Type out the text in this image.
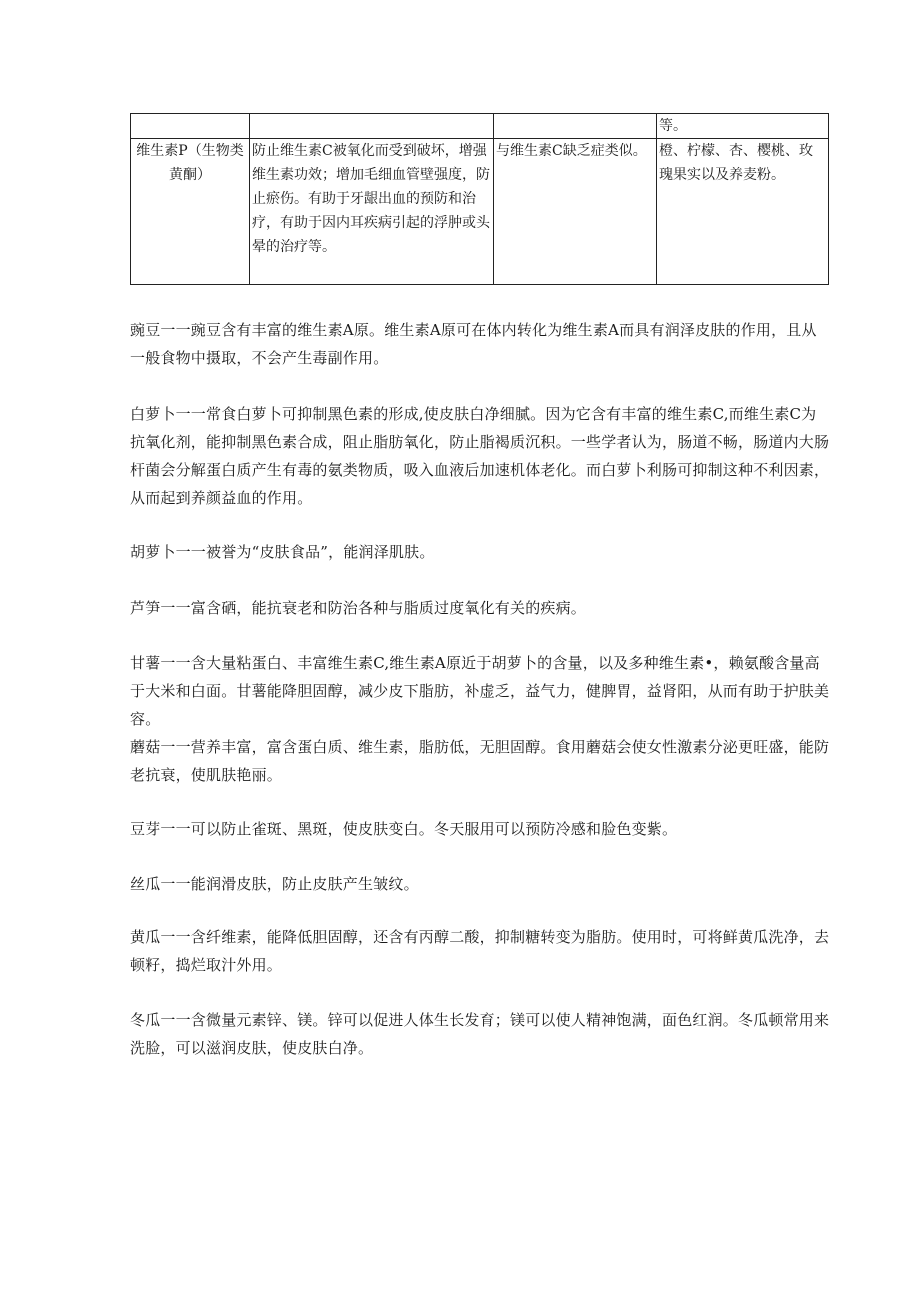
			等。
维生素P（生物类黄酮）	防止维生素C被氧化而受到破坏，增强维生素功效；增加毛细血管壁强度，防止瘀伤。有助于牙龈出血的预防和治疗，有助于因内耳疾病引起的浮肿或头晕的治疗等。	与维生素C缺乏症类似。	橙、柠檬、杏、樱桃、玫瑰果实以及养麦粉。

豌豆一一豌豆含有丰富的维生素A原。维生素A原可在体内转化为维生素A而具有润泽皮肤的作用，且从一般食物中摄取，不会产生毒副作用。

白萝卜一一常食白萝卜可抑制黑色素的形成,使皮肤白净细腻。因为它含有丰富的维生素C,而维生素C为抗氧化剂，能抑制黑色素合成，阻止脂肪氧化，防止脂褐质沉积。一些学者认为，肠道不畅，肠道内大肠杆菌会分解蛋白质产生有毒的氨类物质，吸入血液后加速机体老化。而白萝卜利肠可抑制这种不利因素，从而起到养颜益血的作用。

胡萝卜一一被誉为“皮肤食品”，能润泽肌肤。

芦笋一一富含硒，能抗衰老和防治各种与脂质过度氧化有关的疾病。

甘薯一一含大量粘蛋白、丰富维生素C,维生素A原近于胡萝卜的含量，以及多种维生素•，赖氨酸含量高于大米和白面。甘薯能降胆固醇，减少皮下脂肪，补虚乏，益气力，健脾胃，益肾阳，从而有助于护肤美容。

蘑菇一一营养丰富，富含蛋白质、维生素，脂肪低，无胆固醇。食用蘑菇会使女性激素分泌更旺盛，能防老抗衰，使肌肤艳丽。

豆芽一一可以防止雀斑、黑斑，使皮肤变白。冬天服用可以预防冷感和脸色变紫。

丝瓜一一能润滑皮肤，防止皮肤产生皱纹。

黄瓜一一含纤维素，能降低胆固醇，还含有丙醇二酸，抑制糖转变为脂肪。使用时，可将鲜黄瓜洗净，去顿籽，捣烂取汁外用。

冬瓜一一含微量元素锌、镁。锌可以促进人体生长发育；镁可以使人精神饱满，面色红润。冬瓜顿常用来洗脸，可以滋润皮肤，使皮肤白净。
